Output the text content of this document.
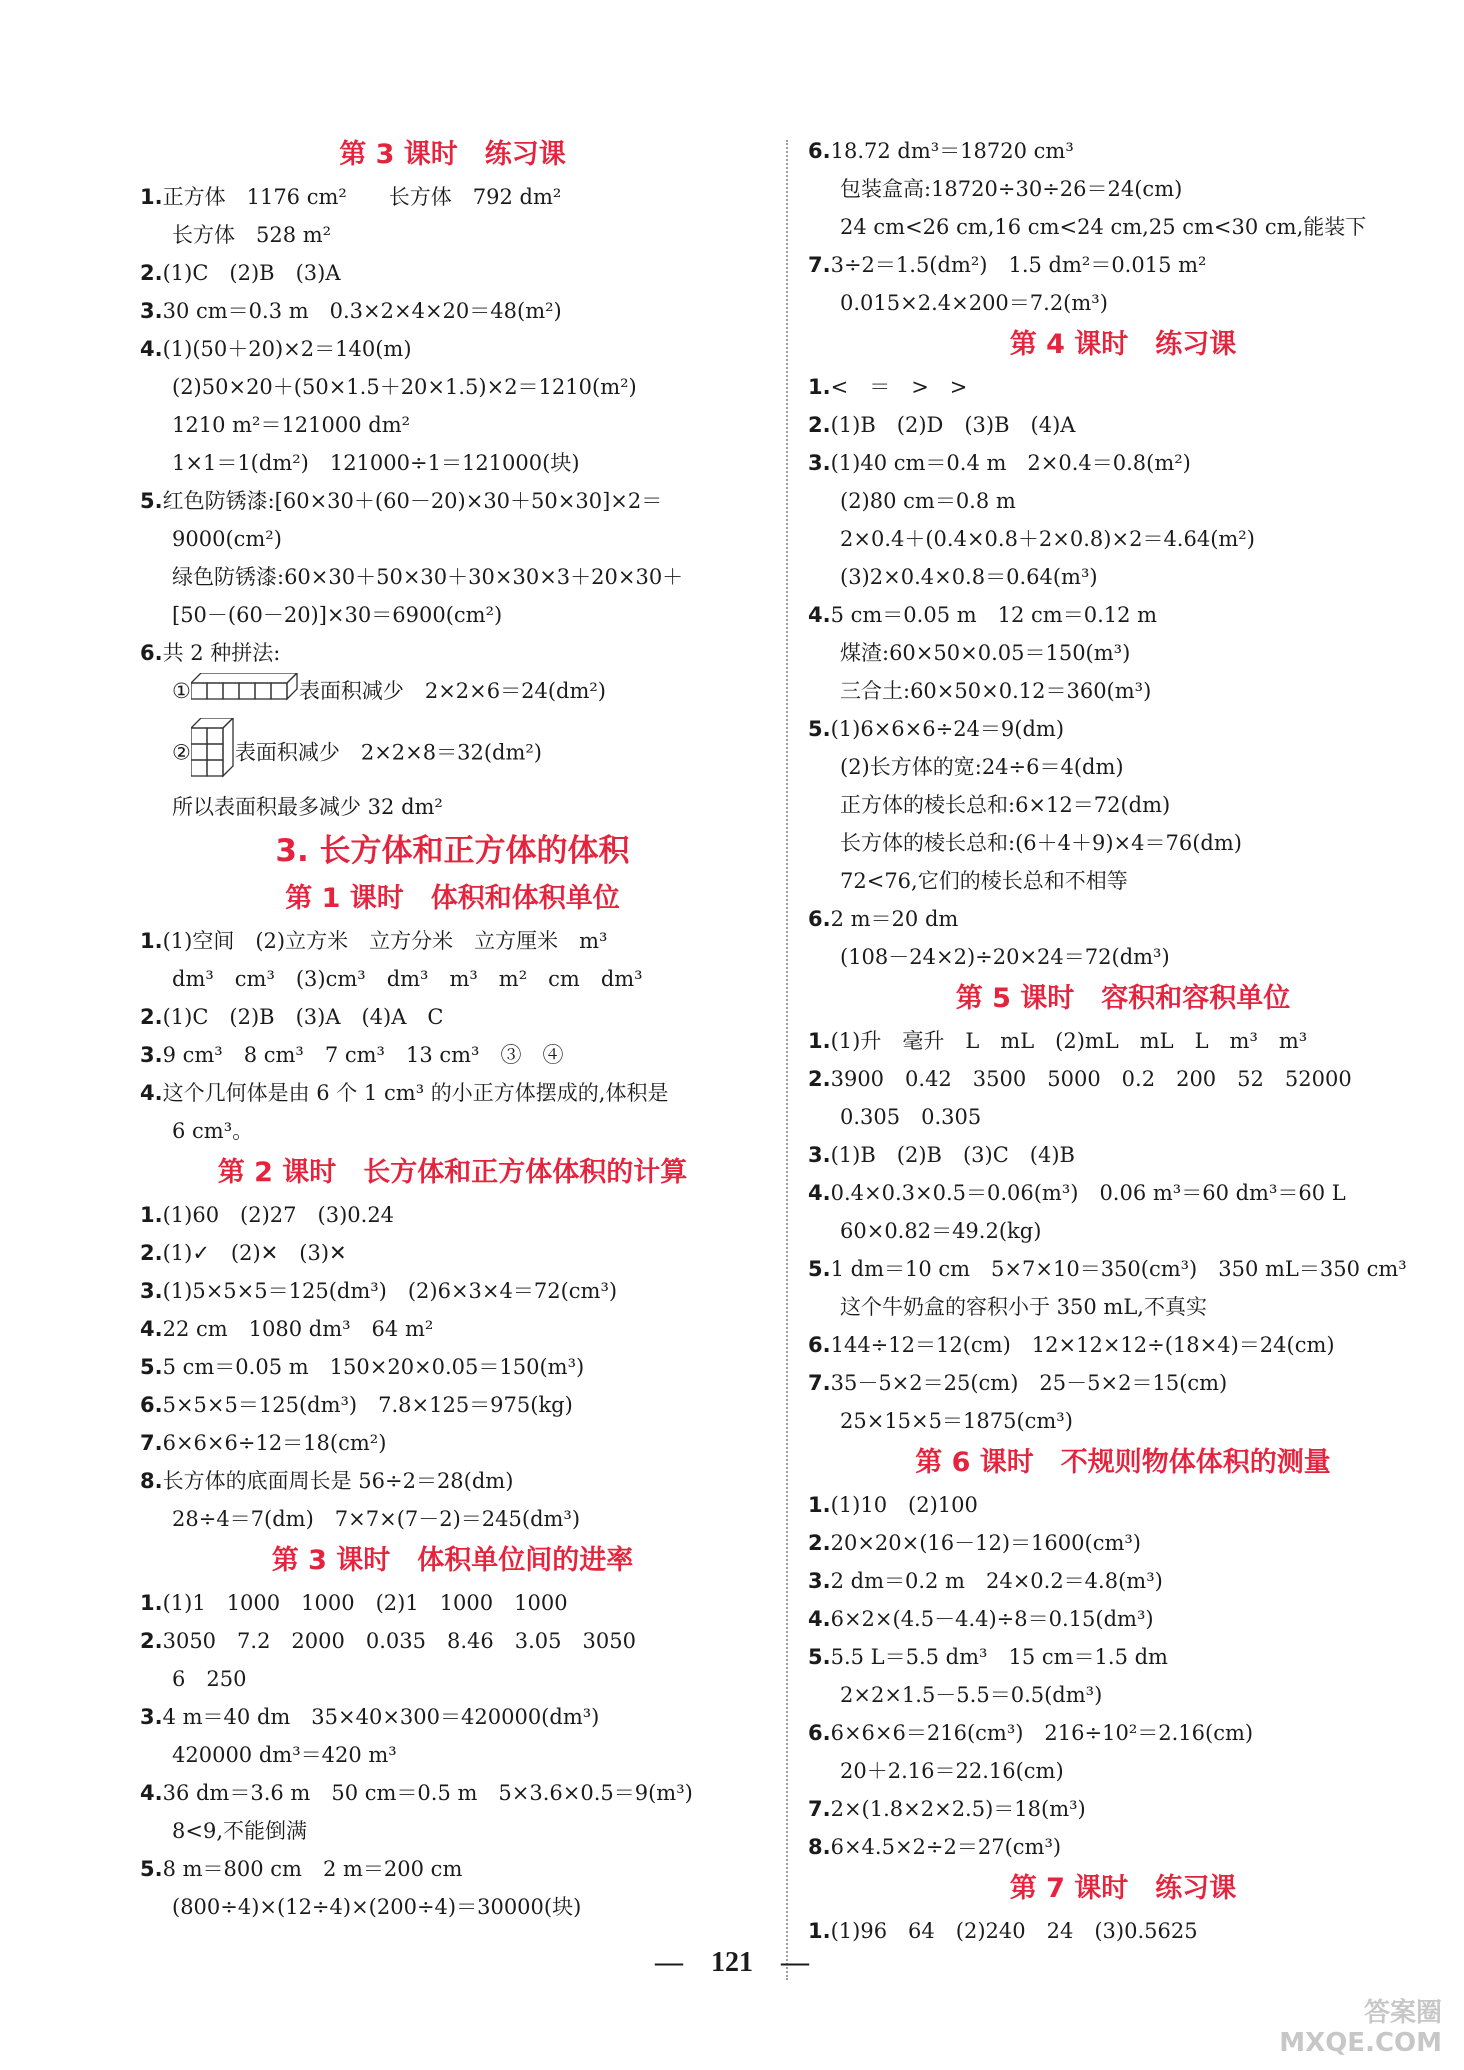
第 3 课时　练习课
1.正方体　1176 cm²　　长方体　792 dm²
长方体　528 m²
2.(1)C　(2)B　(3)A
3.30 cm＝0.3 m　0.3×2×4×20＝48(m²)
4.(1)(50＋20)×2＝140(m)
(2)50×20＋(50×1.5＋20×1.5)×2＝1210(m²)
1210 m²＝121000 dm²
1×1＝1(dm²)　121000÷1＝121000(块)
5.红色防锈漆:[60×30＋(60－20)×30＋50×30]×2＝
9000(cm²)
绿色防锈漆:60×30＋50×30＋30×30×3＋20×30＋
[50－(60－20)]×30＝6900(cm²)
6.共 2 种拼法:
①	表面积减少　2×2×6＝24(dm²)
② 表面积减少　2×2×8＝32(dm²)
所以表面积最多减少 32 dm²
3. 长方体和正方体的体积
第 1 课时　体积和体积单位
1.(1)空间　(2)立方米　立方分米　立方厘米　m³
dm³　cm³　(3)cm³　dm³　m³　m²　cm　dm³
2.(1)C　(2)B　(3)A　(4)A　C
3.9 cm³　8 cm³　7 cm³　13 cm³　③　④
4.这个几何体是由 6 个 1 cm³ 的小正方体摆成的,体积是
6 cm³。
第 2 课时　长方体和正方体体积的计算
1.(1)60　(2)27　(3)0.24
2.(1)✓　(2)✕　(3)✕
3.(1)5×5×5＝125(dm³)　(2)6×3×4＝72(cm³)
4.22 cm　1080 dm³　64 m²
5.5 cm＝0.05 m　150×20×0.05＝150(m³)
6.5×5×5＝125(dm³)　7.8×125＝975(kg)
7.6×6×6÷12＝18(cm²)
8.长方体的底面周长是 56÷2＝28(dm)
28÷4＝7(dm)　7×7×(7－2)＝245(dm³)
第 3 课时　体积单位间的进率
1.(1)1　1000　1000　(2)1　1000　1000
2.3050　7.2　2000　0.035　8.46　3.05　3050
6　250
3.4 m＝40 dm　35×40×300＝420000(dm³)
420000 dm³＝420 m³
4.36 dm＝3.6 m　50 cm＝0.5 m　5×3.6×0.5＝9(m³)
8<9,不能倒满
5.8 m＝800 cm　2 m＝200 cm
(800÷4)×(12÷4)×(200÷4)＝30000(块)
6.18.72 dm³＝18720 cm³
包装盒高:18720÷30÷26＝24(cm)
24 cm<26 cm,16 cm<24 cm,25 cm<30 cm,能装下
7.3÷2＝1.5(dm²)　1.5 dm²＝0.015 m²
0.015×2.4×200＝7.2(m³)
第 4 课时　练习课
1.<　＝　>　>
2.(1)B　(2)D　(3)B　(4)A
3.(1)40 cm＝0.4 m　2×0.4＝0.8(m²)
(2)80 cm＝0.8 m
2×0.4＋(0.4×0.8＋2×0.8)×2＝4.64(m²)
(3)2×0.4×0.8＝0.64(m³)
4.5 cm＝0.05 m　12 cm＝0.12 m
煤渣:60×50×0.05＝150(m³)
三合土:60×50×0.12＝360(m³)
5.(1)6×6×6÷24＝9(dm)
(2)长方体的宽:24÷6＝4(dm)
正方体的棱长总和:6×12＝72(dm)
长方体的棱长总和:(6＋4＋9)×4＝76(dm)
72<76,它们的棱长总和不相等
6.2 m＝20 dm
(108－24×2)÷20×24＝72(dm³)
第 5 课时　容积和容积单位
1.(1)升　毫升　L　mL　(2)mL　mL　L　m³　m³
2.3900　0.42　3500　5000　0.2　200　52　52000
0.305　0.305
3.(1)B　(2)B　(3)C　(4)B
4.0.4×0.3×0.5＝0.06(m³)　0.06 m³＝60 dm³＝60 L
60×0.82＝49.2(kg)
5.1 dm＝10 cm　5×7×10＝350(cm³)　350 mL＝350 cm³
这个牛奶盒的容积小于 350 mL,不真实
6.144÷12＝12(cm)　12×12×12÷(18×4)＝24(cm)
7.35－5×2＝25(cm)　25－5×2＝15(cm)
25×15×5＝1875(cm³)
第 6 课时　不规则物体体积的测量
1.(1)10　(2)100
2.20×20×(16－12)＝1600(cm³)
3.2 dm＝0.2 m　24×0.2＝4.8(m³)
4.6×2×(4.5－4.4)÷8＝0.15(dm³)
5.5.5 L＝5.5 dm³　15 cm＝1.5 dm
2×2×1.5－5.5＝0.5(dm³)
6.6×6×6＝216(cm³)　216÷10²＝2.16(cm)
20＋2.16＝22.16(cm)
7.2×(1.8×2×2.5)＝18(m³)
8.6×4.5×2÷2＝27(cm³)
第 7 课时　练习课
1.(1)96　64　(2)240　24　(3)0.5625
—　121　—
答案圈
MXQE.COM
